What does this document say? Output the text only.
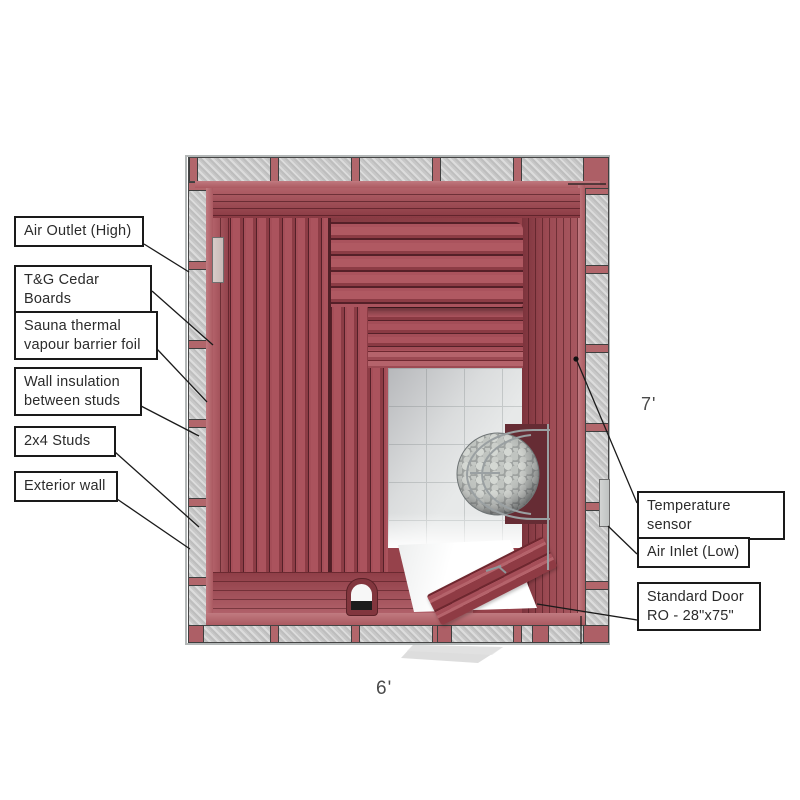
Air Outlet (High)
T&G Cedar Boards
Sauna thermal vapour barrier foil
Wall insulation between studs
2x4 Studs
Exterior wall
Temperature sensor
Air Inlet (Low)
Standard Door RO - 28"x75"
7'
6'
